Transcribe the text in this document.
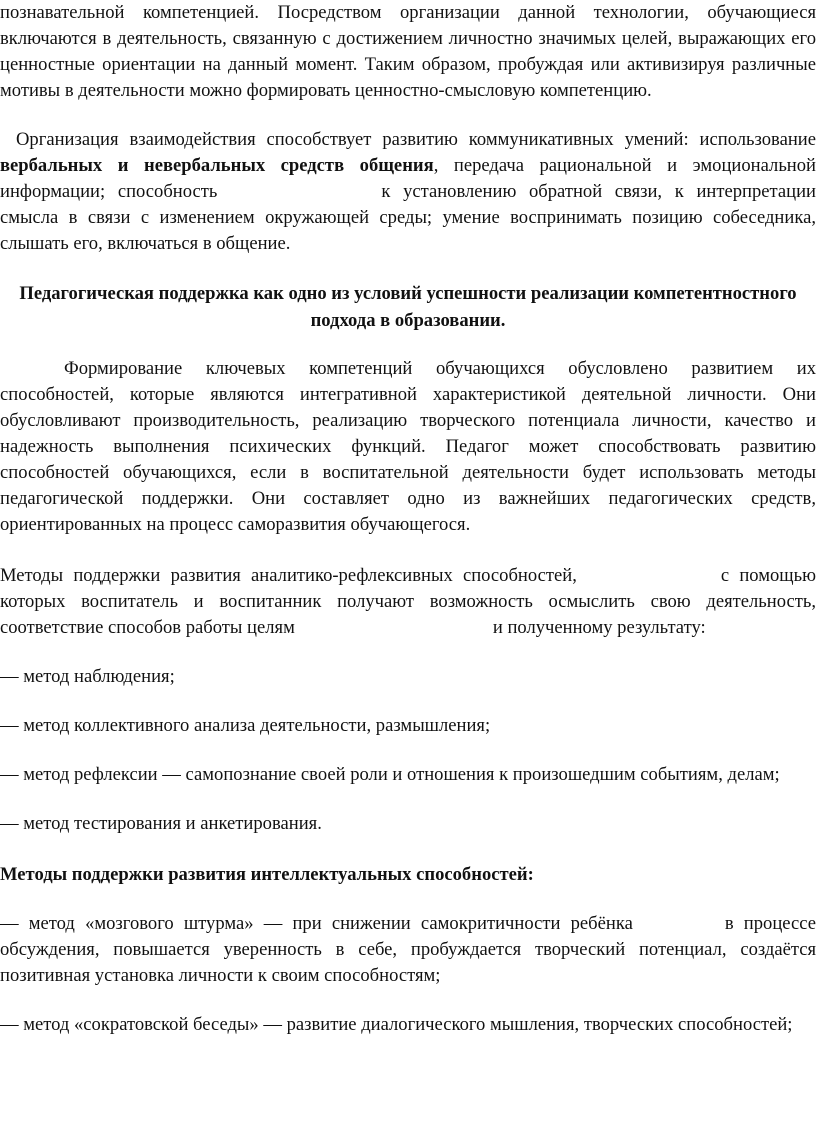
познавательной компетенцией. Посредством организации данной технологии, обучающиеся включаются в деятельность, связанную с достижением личностно значимых целей, выражающих его ценностные ориентации на данный момент. Таким образом, пробуждая или активизируя различные мотивы в деятельности можно формировать ценностно-смысловую компетенцию.

Организация взаимодействия способствует развитию коммуникативных умений: использование вербальных и невербальных средств общения, передача рациональной и эмоциональной информации; способность	к установлению обратной связи, к интерпретации смысла в связи с изменением окружающей среды; умение воспринимать позицию собеседника, слышать его, включаться в общение.

Педагогическая поддержка как одно из условий успешности реализации компетентностного подхода в образовании.

Формирование ключевых компетенций обучающихся обусловлено развитием их способностей, которые являются интегративной характеристикой деятельной личности. Они обусловливают производительность, реализацию творческого потенциала личности, качество и надежность выполнения психических функций. Педагог может способствовать развитию способностей обучающихся, если в воспитательной деятельности будет использовать методы педагогической поддержки. Они составляет одно из важнейших педагогических средств, ориентированных на процесс саморазвития обучающегося.

Методы поддержки развития аналитико-рефлексивных способностей,	с помощью которых воспитатель и воспитанник получают возможность осмыслить свою деятельность, соответствие способов работы целям	и полученному результату:

— метод наблюдения;

— метод коллективного анализа деятельности, размышления;

— метод рефлексии — самопознание своей роли и отношения к произошедшим событиям, делам;

— метод тестирования и анкетирования.

Методы поддержки развития интеллектуальных способностей:

— метод «мозгового штурма» — при снижении самокритичности ребёнка	в процессе обсуждения, повышается уверенность в себе, пробуждается творческий потенциал, создаётся позитивная установка личности к своим способностям;

— метод «сократовской беседы» — развитие диалогического мышления, творческих способностей;
